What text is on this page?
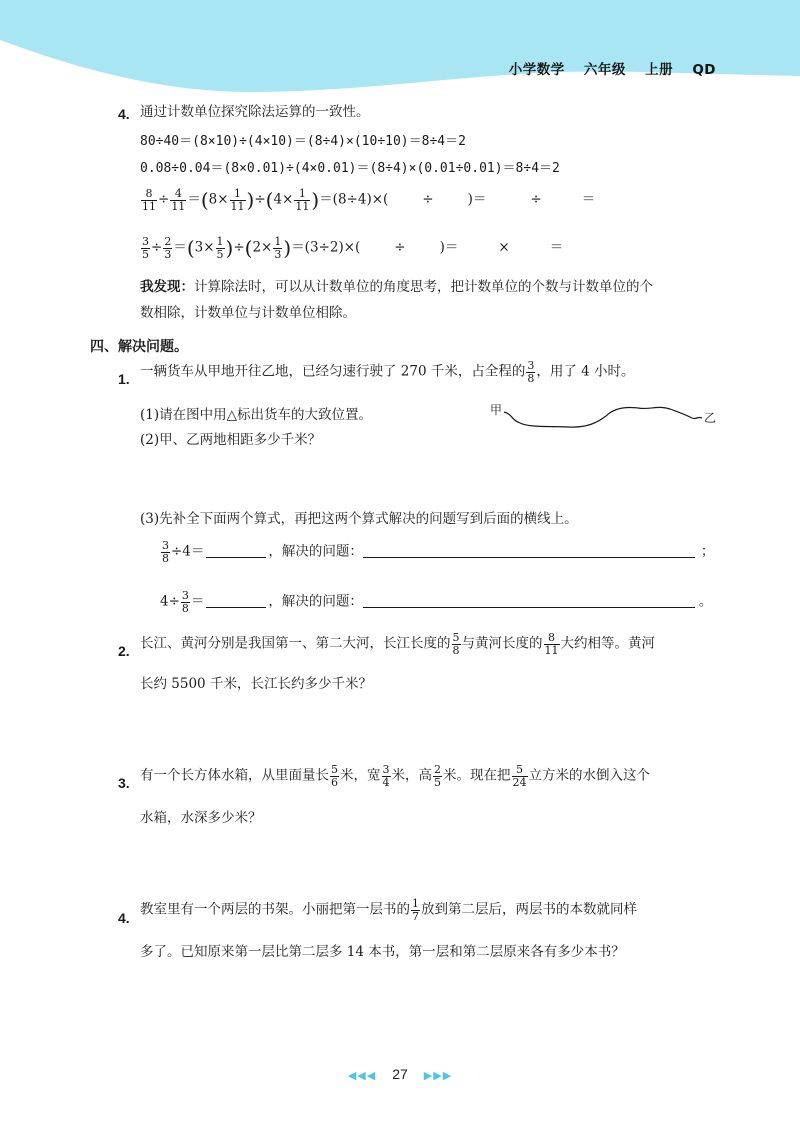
小学数学 六年级 上册 QD
4. 通过计数单位探究除法运算的一致性。
80÷40＝(8×10)÷(4×10)＝(8÷4)×(10÷10)＝8÷4＝2
0.08÷0.04＝(8×0.01)÷(4×0.01)＝(8÷4)×(0.01÷0.01)＝8÷4＝2
$\frac{8}{11} \div \frac{4}{11} =(8\times \frac{1}{11} )\div(4\times \frac{1}{11} )=(8\div 4)\times$(	÷	)＝	÷	＝
$\frac{3}{5} \div \frac{2}{3} =(3\times \frac{1}{5} )\div(2\times \frac{1}{3} )=(3\div 2)\times$(	÷	)＝	×	＝
我发现：计算除法时，可以从计数单位的角度思考，把计数单位的个数与计数单位的个
数相除，计数单位与计数单位相除。
四、解决问题。
1. 一辆货车从甲地开往乙地，已经匀速行驶了 270 千米，占全程的 $\frac{3}{8}$ ，用了 4 小时。
(1)请在图中用△标出货车的大致位置。
(2)甲、乙两地相距多少千米？
甲
乙
(3)先补全下面两个算式，再把这两个算式解决的问题写到后面的横线上。
$\frac{3}{8} \div 4=$	，解决的问题：	；
$4\div \frac{3}{8}$ ＝	，解决的问题：	。
2. 长江、黄河分别是我国第一、第二大河，长江长度的 $\frac{5}{8}$ 与黄河长度的 $\frac{8}{11}$ 大约相等。黄河
长约 5500 千米，长江长约多少千米？
3. 有一个长方体水箱，从里面量长 $\frac{5}{6}$ 米，宽 $\frac{3}{4}$ 米，高 $\frac{2}{5}$ 米。现在把 $\frac{5}{24}$ 立方米的水倒入这个
水箱，水深多少米？
4.
教室里有一个两层的书架。小丽把第一层书的 $\frac{1}{7}$ 放到第二层后，两层书的本数就同样
多了。已知原来第一层比第二层多 14 本书，第一层和第二层原来各有多少本书？
◀◀◀ 27 ▶▶▶
